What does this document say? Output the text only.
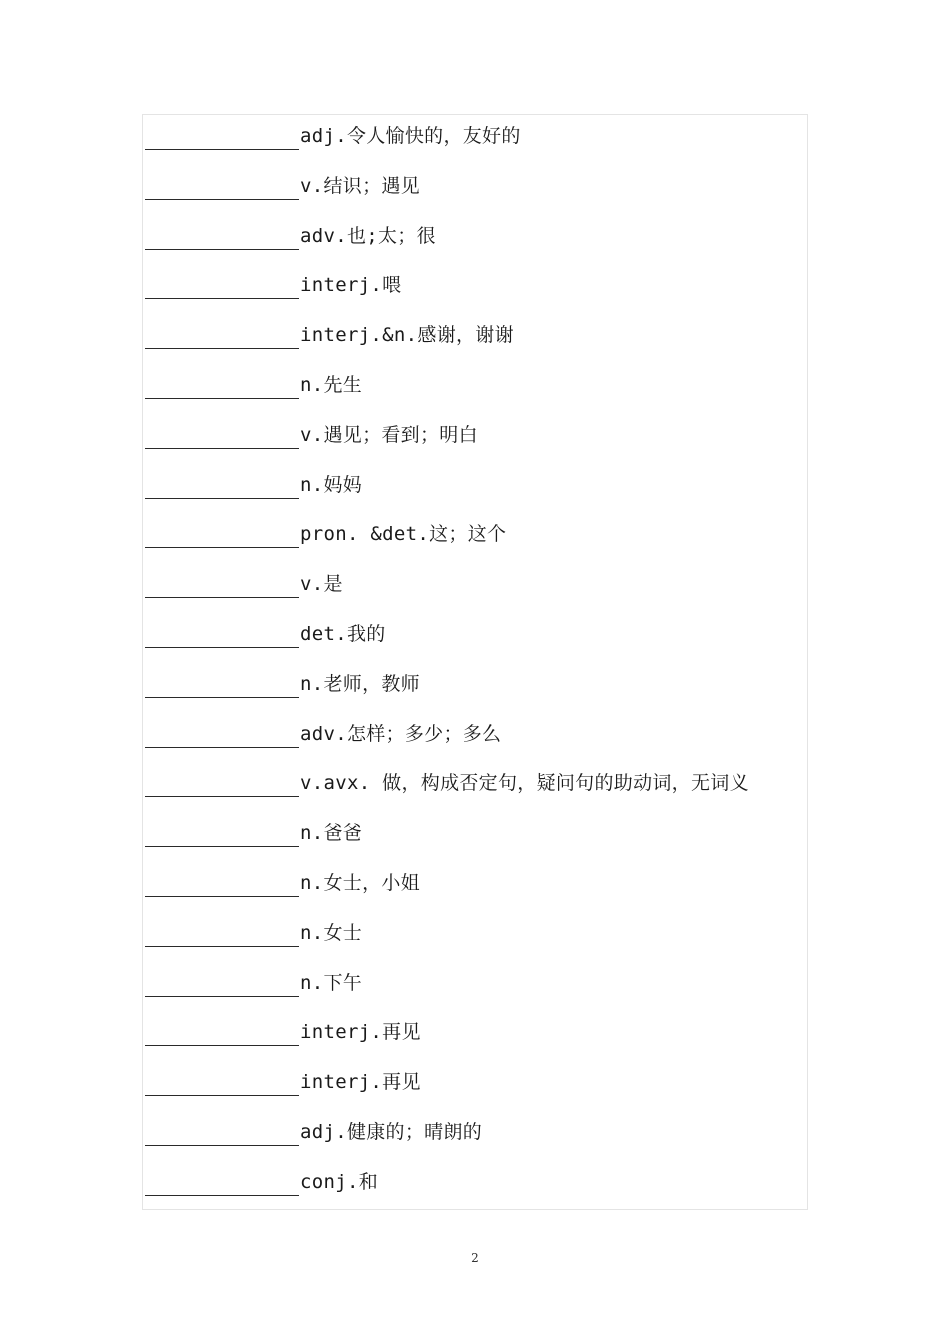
adj.令人愉快的，友好的
v.结识；遇见
adv.也;太；很
interj.喂
interj.&n.感谢，谢谢
n.先生
v.遇见；看到；明白
n.妈妈
pron. &det.这；这个
v.是
det.我的
n.老师，教师
adv.怎样；多少；多么
v.avx. 做，构成否定句，疑问句的助动词，无词义
n.爸爸
n.女士，小姐
n.女士
n.下午
interj.再见
interj.再见
adj.健康的；晴朗的
conj.和
2
